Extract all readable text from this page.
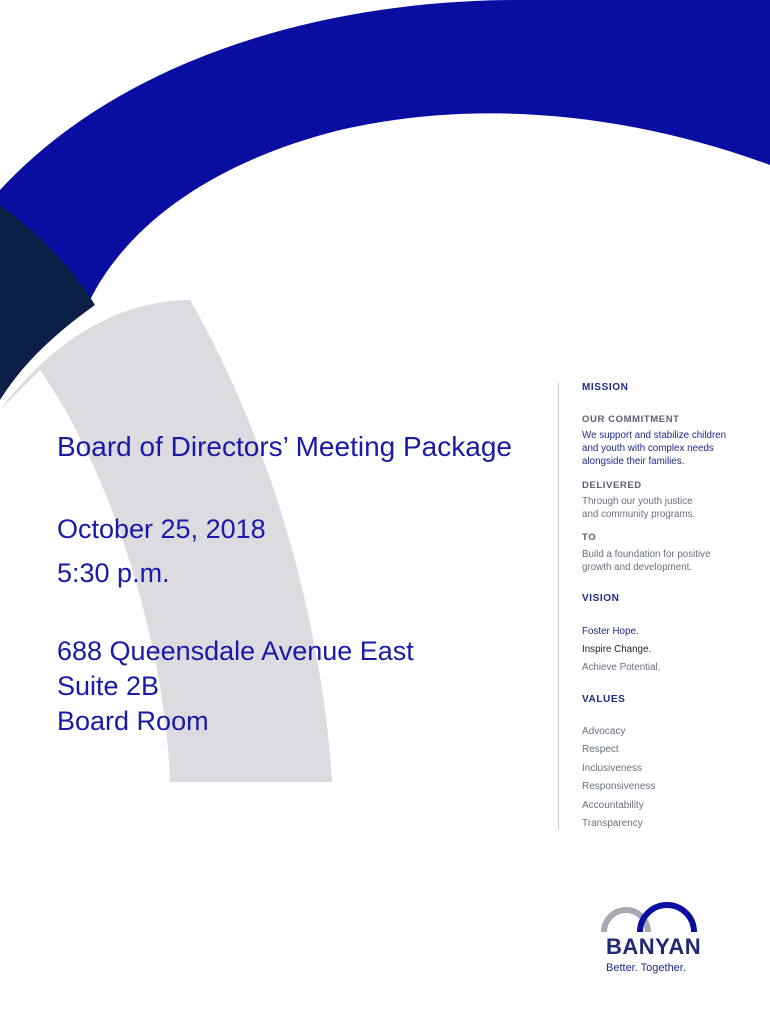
Board of Directors’ Meeting Package
October 25, 2018
5:30 p.m.
688 Queensdale Avenue East
Suite 2B
Board Room
MISSION
OUR COMMITMENT
We support and stabilize children
and youth with complex needs
alongside their families.
DELIVERED
Through our youth justice
and community programs.
TO
Build a foundation for positive
growth and development.
VISION
Foster Hope.
Inspire Change.
Achieve Potential.
VALUES
Advocacy
Respect
Inclusiveness
Responsiveness
Accountability
Transparency
BANYAN
Better. Together.
